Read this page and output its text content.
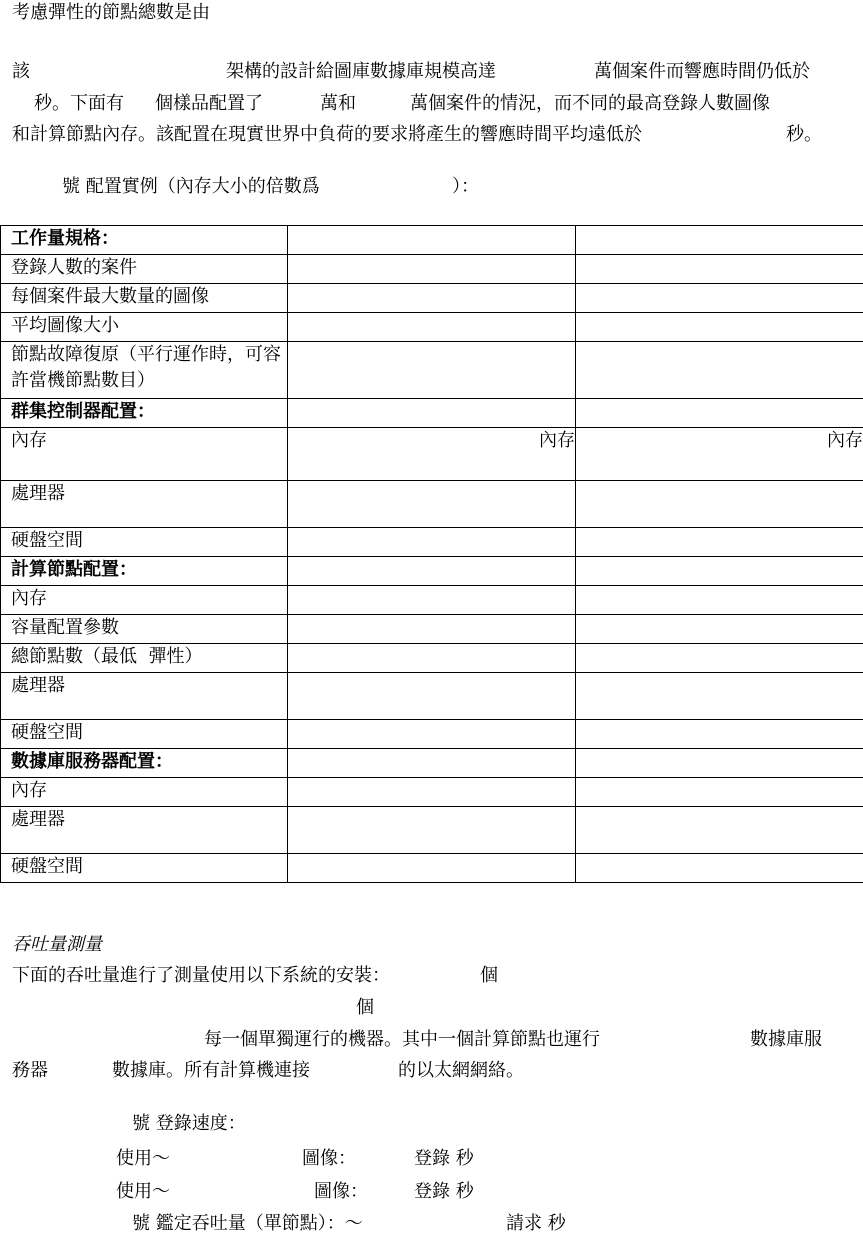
考慮彈性的節點總數是由
該	架構的設計給圖庫數據庫規模高達	萬個案件而響應時間仍低於
秒。下面有 個樣品配置了	萬和	萬個案件的情況，而不同的最高登錄人數圖像
和計算節點內存。該配置在現實世界中負荷的要求將產生的響應時間平均遠低於	秒。
號 配置實例（內存大小的倍數爲	）：
工作量規格：		
登錄人數的案件		
每個案件最大數量的圖像		
平均圖像大小		
節點故障復原（平行運作時，可容許當機節點數目）		
群集控制器配置：		
內存	內存	內存
處理器		
硬盤空間		
計算節點配置：		
內存		
容量配置參數		
總節點數（最低  彈性）		
處理器		
硬盤空間		
數據庫服務器配置：		
內存		
處理器		
硬盤空間		
吞吐量測量
下面的吞吐量進行了測量使用以下系統的安裝：	個
個
每一個單獨運行的機器。其中一個計算節點也運行	數據庫服
務器	數據庫。所有計算機連接	的以太網網絡。
號 登錄速度：
使用～	圖像：	登錄 秒
使用～	圖像：	登錄 秒
號 鑑定吞吐量（單節點）：～	請求 秒
